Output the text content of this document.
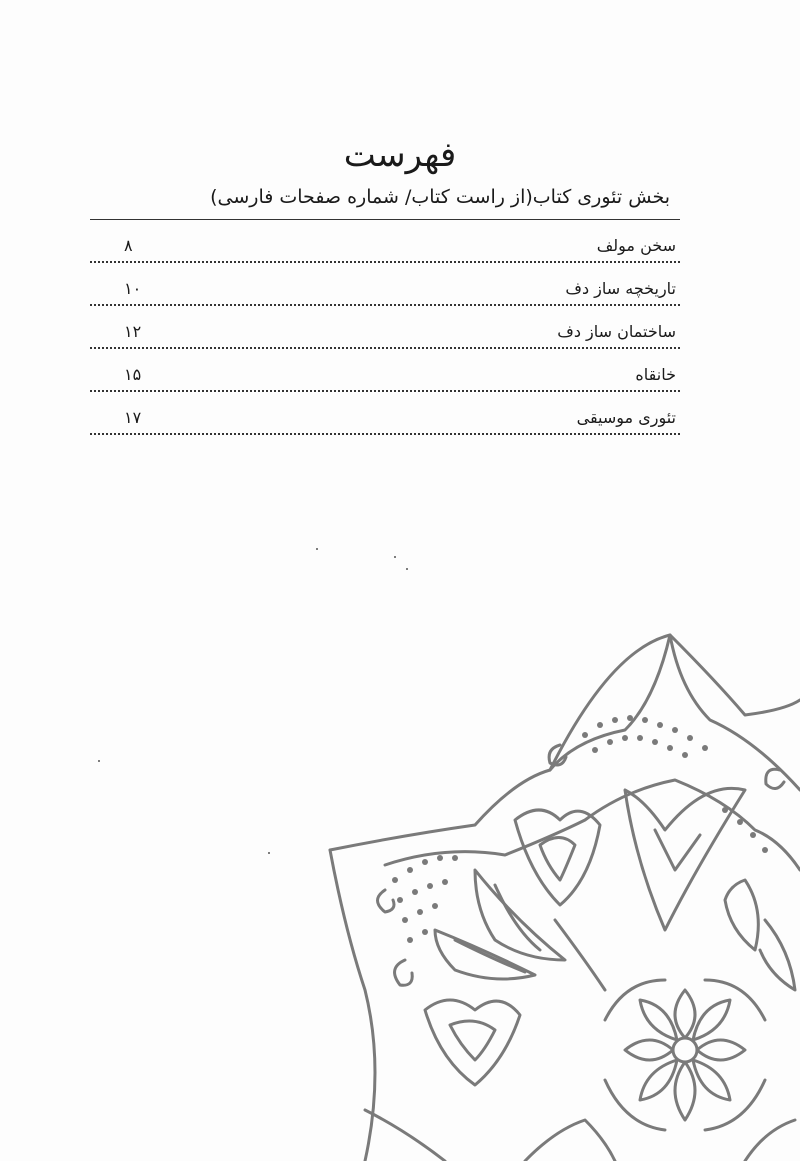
فهرست
بخش تئوری کتاب(از راست کتاب/ شماره صفحات فارسی)
سخن مولف
۸
تاریخچه ساز دف
۱۰
ساختمان ساز دف
۱۲
خانقاه
۱۵
تئوری موسیقی
۱۷
